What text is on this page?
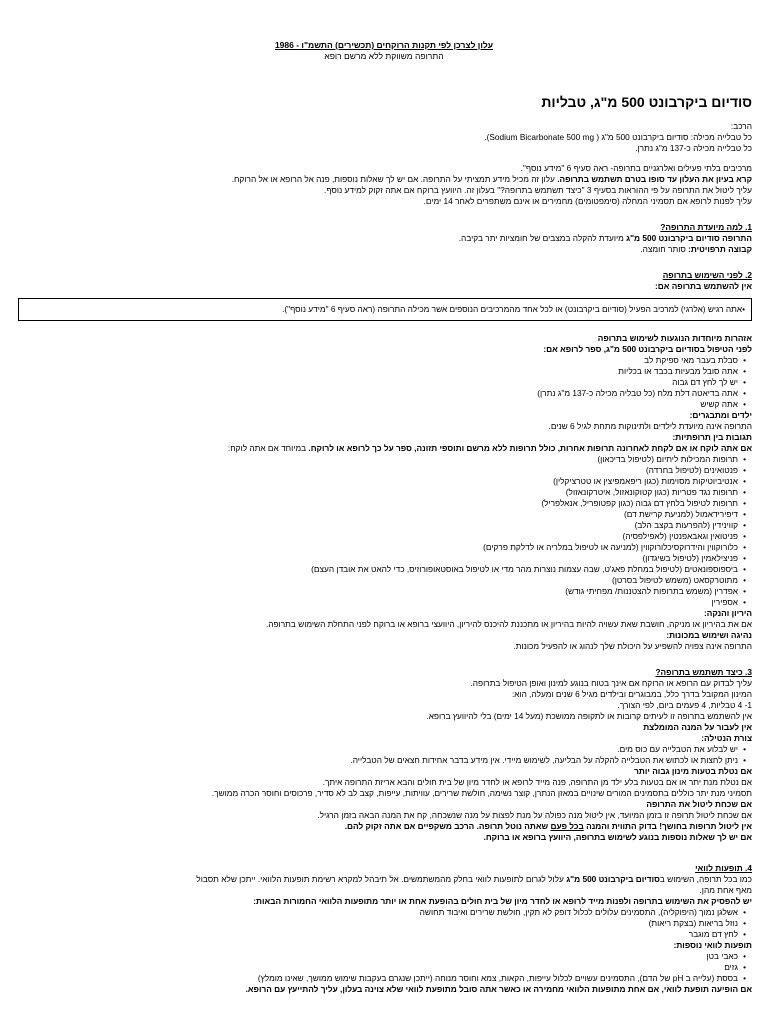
עלון לצרכן לפי תקנות הרוקחים (תכשירים) התשמ"ו - 1986
התרופה משווקת ללא מרשם רופא
סודיום ביקרבונט 500 מ"ג, טבליות

הרכב:

כל טבלייה מכילה: סודיום ביקרבונט 500 מ"ג ( Sodium Bicarbonate 500 mg).

כל טבלייה מכילה כ-137 מ"ג נתרן.

מרכיבים בלתי פעילים ואלרגניים בתרופה- ראה סעיף 6 "מידע נוסף".

קרא בעיון את העלון עד סופו בטרם תשתמש בתרופה. עלון זה מכיל מידע תמציתי על התרופה. אם יש לך שאלות נוספות, פנה אל הרופא או אל הרוקח.

עליך ליטול את התרופה על פי ההוראות בסעיף 3 "כיצד תשתמש בתרופה?" בעלון זה. היוועץ ברוקח אם אתה זקוק למידע נוסף.

עליך לפנות לרופא אם תסמיני המחלה (סימפטומים) מחמירים או אינם משתפרים לאחר 14 ימים.

1. למה מיועדת התרופה?

התרופה סודיום ביקרבונט 500 מ"ג מיועדת להקלה במצבים של חומציות יתר בקיבה.

קבוצה תרפויטית: סותר חומצה.

2. לפני השימוש בתרופה

אין להשתמש בתרופה אם:

•אתה רגיש (אלרגי) למרכיב הפעיל (סודיום ביקרבונט) או לכל אחד מהמרכיבים הנוספים אשר מכילה התרופה (ראה סעיף 6 "מידע נוסף").

אזהרות מיוחדות הנוגעות לשימוש בתרופה

לפני הטיפול בסודיום ביקרבונט 500 מ"ג, ספר לרופא אם:

• סבלת בעבר מאי ספיקת לב
• אתה סובל מבעיות בכבד או בכליות
• יש לך לחץ דם גבוה
• אתה בדיאטה דלת מלח (כל טבליה מכילה כ-137 מ"ג נתרן)
• אתה קשיש

ילדים ומתבגרים:

התרופה אינה מיועדת לילדים ולתינוקות מתחת לגיל 6 שנים.

תגובות בין תרופתיות:

אם אתה לוקח או אם לקחת לאחרונה תרופות אחרות, כולל תרופות ללא מרשם ותוספי תזונה, ספר על כך לרופא או לרוקח. במיוחד אם אתה לוקח:

• תרופות המכילות ליתיום (לטיפול בדיכאון)
• פנטואינים (לטיפול בחרדה)
• אנטיביוטיקות מסוימות (כגון ריפאמפיצין או טטרציקלין)
• תרופות נגד פטריות (כגון קטוקונאזול, איטרקונאזול)
• תרופות לטיפול בלחץ דם גבוה (כגון קפטופריל, אנאלפריל)
• דיפירידאמול (למניעת קרישת דם)
• קווינידין (להפרעות בקצב הלב)
• פניטואין וגאבאפנטין (לאפילפסיה)
• כלורוקווין והידרוקסיכלורוקווין (למניעה או לטיפול במלריה או לדלקת פרקים)
• פניצילאמין (לטיפול בשיגדון)
• ביספוספונאטים (לטיפול במחלת פאג'ט, שבה עצמות נוצרות מהר מדי או לטיפול באוסטאופורוזיס, כדי להאט את אובדן העצם)
• מתוטרקסאט (משמש לטיפול בסרטן)
• אפדרין (משמש בתרופות להצטננות/ מפחיתי גודש)
• אספירין

היריון והנקה:

אם את בהיריון או מניקה, חושבת שאת עשויה להיות בהיריון או מתכננת להיכנס להיריון, היוועצי ברופא או ברוקח לפני התחלת השימוש בתרופה.

נהיגה ושימוש במכונות:

התרופה אינה צפויה להשפיע על היכולת שלך לנהוג או להפעיל מכונות.

3. כיצד תשתמש בתרופה?

עליך לבדוק עם הרופא או הרוקח אם אינך בטוח בנוגע למינון ואופן הטיפול בתרופה.

המינון המקובל בדרך כלל, במבוגרים ובילדים מגיל 6 שנים ומעלה, הוא:

1- 4 טבליות, 4 פעמים ביום, לפי הצורך.

אין להשתמש בתרופה זו לעיתים קרובות או לתקופה ממושכת (מעל 14 ימים) בלי להיוועץ ברופא.

אין לעבור על המנה המומלצת

צורת הנטילה:

• יש לבלוע את הטבלייה עם כוס מים.
• ניתן לחצות או לכתוש את הטבלייה להקלה על הבליעה, לשימוש מיידי. אין מידע בדבר אחידות חצאים של הטבלייה.

אם נטלת בטעות מינון גבוה יותר

אם נטלת מנת יתר או אם בטעות בלע ילד מן התרופה, פנה מייד לרופא או לחדר מיון של בית חולים והבא אריזת התרופה איתך.

תסמיני מנת יתר כוללים בתסמינים המורים שינויים במאזן הנתרן, קוצר נשימה, חולשת שרירים, עוויתות, עייפות, קצב לב לא סדיר, פרכוסים וחוסר הכרה ממושך.

אם שכחת ליטול את התרופה

אם שכחת ליטול תרופה זו בזמן המיועד, אין ליטול מנה כפולה על מנת לפצות על מנה שנשכחה, קח את המנה הבאה בזמן הרגיל.

אין ליטול תרופות בחושך! בדוק התווית והמנה בכל פעם שאתה נוטל תרופה. הרכב משקפיים אם אתה זקוק להם.

אם יש לך שאלות נוספות בנוגע לשימוש בתרופה, היוועץ ברופא או ברוקח.

4. תופעות לוואי

כמו בכל תרופה, השימוש בסודיום ביקרבונט 500 מ"ג עלול לגרום לתופעות לוואי בחלק מהמשתמשים. אל תיבהל למקרא רשימת תופעות הלוואי. ייתכן שלא תסבול

מאף אחת מהן.

יש להפסיק את השימוש בתרופה ולפנות מייד לרופא או לחדר מיון של בית חולים בהופעת אחת או יותר מתופעות הלוואי החמורות הבאות:

• אשלגן נמוך (היפוקליה), התסמינים עלולים לכלול דופק לא תקין, חולשת שרירים ואיבוד תחושה
• נוזל בריאות (בצקת ריאות)
• לחץ דם מוגבר

תופעות לוואי נוספות:

• כאבי בטן
• גזים
• בססת (עלייה ב pH של הדם), התסמינים עשויים לכלול עייפות, הקאות, צמא וחוסר מנוחה (ייתכן שנגרם בעקבות שימוש ממושך, שאינו מומלץ)

אם הופיעה תופעת לוואי, אם אחת מתופעות הלוואי מחמירה או כאשר אתה סובל מתופעת לוואי שלא צוינה בעלון, עליך להתייעץ עם הרופא.
